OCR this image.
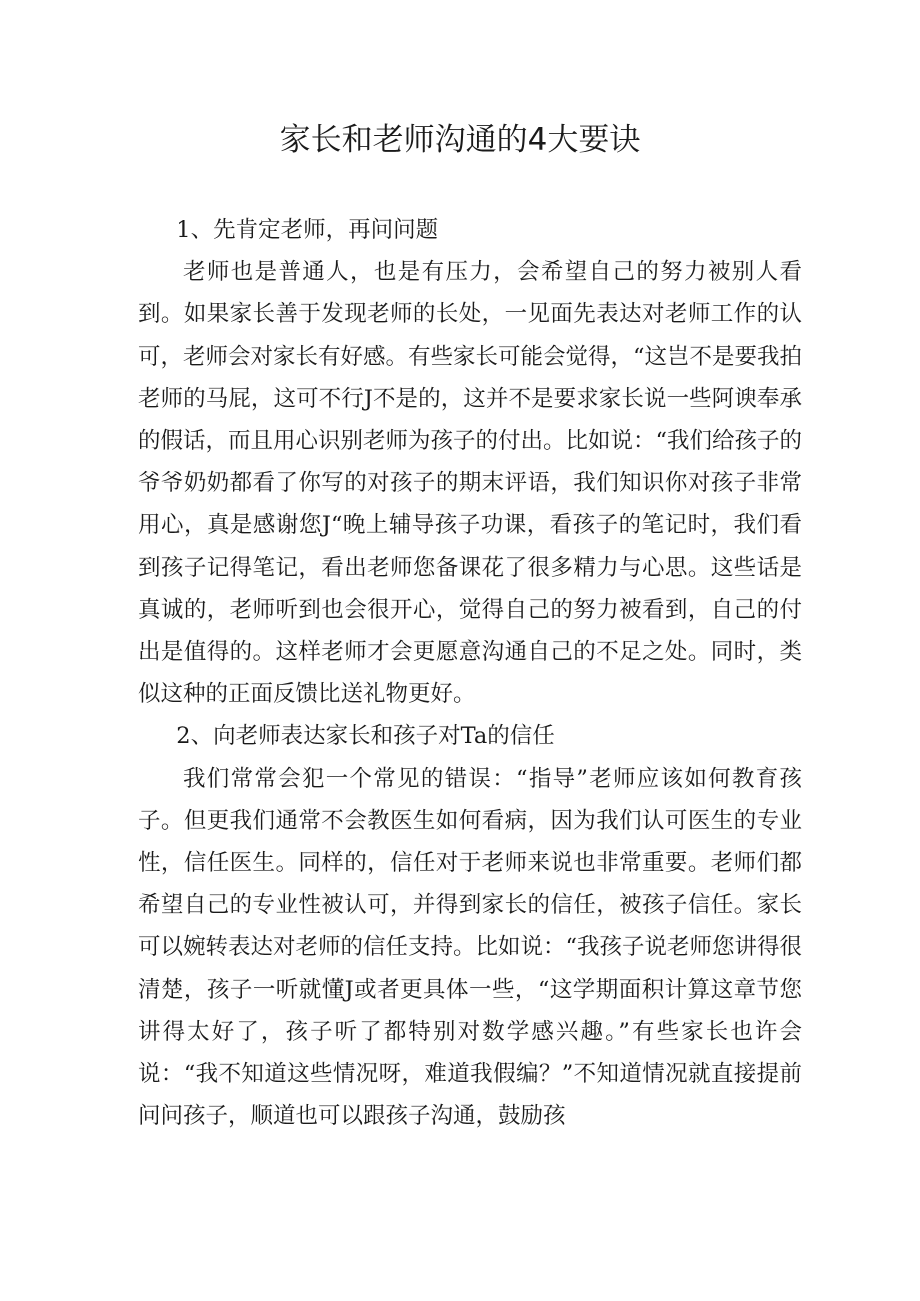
家长和老师沟通的4大要诀

1、先肯定老师，再问问题

老师也是普通人，也是有压力，会希望自己的努力被别人看到。如果家长善于发现老师的长处，一见面先表达对老师工作的认可，老师会对家长有好感。有些家长可能会觉得，“这岂不是要我拍老师的马屁，这可不行J不是的，这并不是要求家长说一些阿谀奉承的假话，而且用心识别老师为孩子的付出。比如说：“我们给孩子的爷爷奶奶都看了你写的对孩子的期末评语，我们知识你对孩子非常用心，真是感谢您J“晚上辅导孩子功课，看孩子的笔记时，我们看到孩子记得笔记，看出老师您备课花了很多精力与心思。这些话是真诚的，老师听到也会很开心，觉得自己的努力被看到，自己的付出是值得的。这样老师才会更愿意沟通自己的不足之处。同时，类似这种的正面反馈比送礼物更好。

2、向老师表达家长和孩子对Ta的信任

我们常常会犯一个常见的错误：“指导”老师应该如何教育孩子。但更我们通常不会教医生如何看病，因为我们认可医生的专业性，信任医生。同样的，信任对于老师来说也非常重要。老师们都希望自己的专业性被认可，并得到家长的信任，被孩子信任。家长可以婉转表达对老师的信任支持。比如说：“我孩子说老师您讲得很清楚，孩子一听就懂J或者更具体一些，“这学期面积计算这章节您讲得太好了，孩子听了都特别对数学感兴趣。”有些家长也许会说：“我不知道这些情况呀，难道我假编？”不知道情况就直接提前问问孩子，顺道也可以跟孩子沟通，鼓励孩
